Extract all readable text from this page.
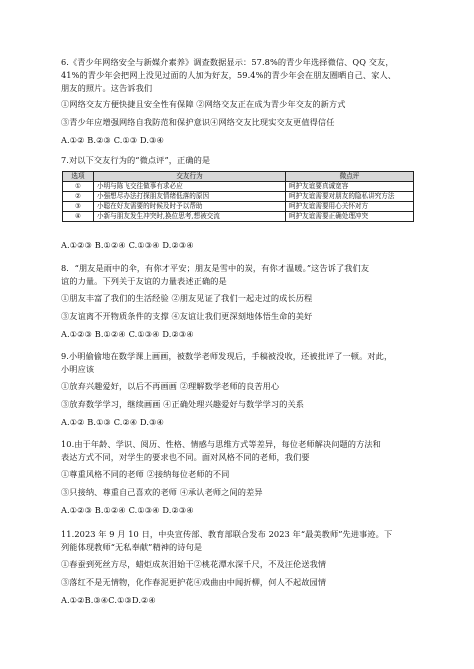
6.《青少年网络安全与新媒介素养》调查数据显示：57.8%的青少年选择微信、QQ 交友，
41%的青少年会把网上没见过面的人加为好友，59.4%的青少年会在朋友圈晒自己、家人、
朋友的照片。这告诉我们
①网络交友方便快捷且安全性有保障 ②网络交友正在成为青少年交友的新方式
③青少年应增强网络自我防范和保护意识④网络交友比现实交友更值得信任
A.①② B.②③ C.①③ D.③④
7.对以下交友行为的“微点评”，正确的是
选项	交友行为	微点评
①	小明与陈飞交往做事有求必应	呵护友谊要真诚宽容
②	小强想尽办法打探朋友情绪低落的原因	呵护友谊需要对朋友的隐私讲究方法
③	小聪在好友需要的时候及时予以帮助	呵护友谊需要用心关怀对方
④	小新与朋友发生冲突时,换位思考,想被交流	呵护友谊需要正确处理冲突
A.①②③ B.①②④ C.①③④ D.②③④
8．“朋友是雨中的伞，有你才平安；朋友是雪中的炭，有你才温暖。”这告诉了我们友
谊的力量。下列关于友谊的力量表述正确的是
①朋友丰富了我们的生活经验 ②朋友见证了我们一起走过的成长历程
③友谊离不开物质条件的支撑 ④友谊让我们更深刻地体悟生命的美好
A.①②③ B.①②④ C.①③④ D.②③④
9.小明偷偷地在数学课上画画，被数学老师发现后，手稿被没收，还被批评了一顿。对此，
小明应该
①放弃兴趣爱好，以后不再画画 ②理解数学老师的良苦用心
③放弃数学学习，继续画画 ④正确处理兴趣爱好与数学学习的关系
A.①② B.①③ C.②④ D.③④
10.由于年龄、学识、阅历、性格、情感与思维方式等差异，每位老师解决问题的方法和
表达方式不同，对学生的要求也不同。面对风格不同的老师，我们要
①尊重风格不同的老师 ②接纳每位老师的不同
③只接纳、尊重自己喜欢的老师 ④承认老师之间的差异
A.①②③ B.①②④ C.①③④ D.②③④
11.2023 年 9 月 10 日，中央宣传部、教育部联合发布 2023 年“最美教师”先进事迹。下
列能体现教师“无私奉献”精神的诗句是
①春蚕到死丝方尽，蜡炬成灰泪始干②桃花潭水深千尺，不及汪伦送我情
③落红不是无情物，化作春泥更护花④戏曲由中闻折柳，何人不起故园情
A.①②B.③④C.①③D.②④
